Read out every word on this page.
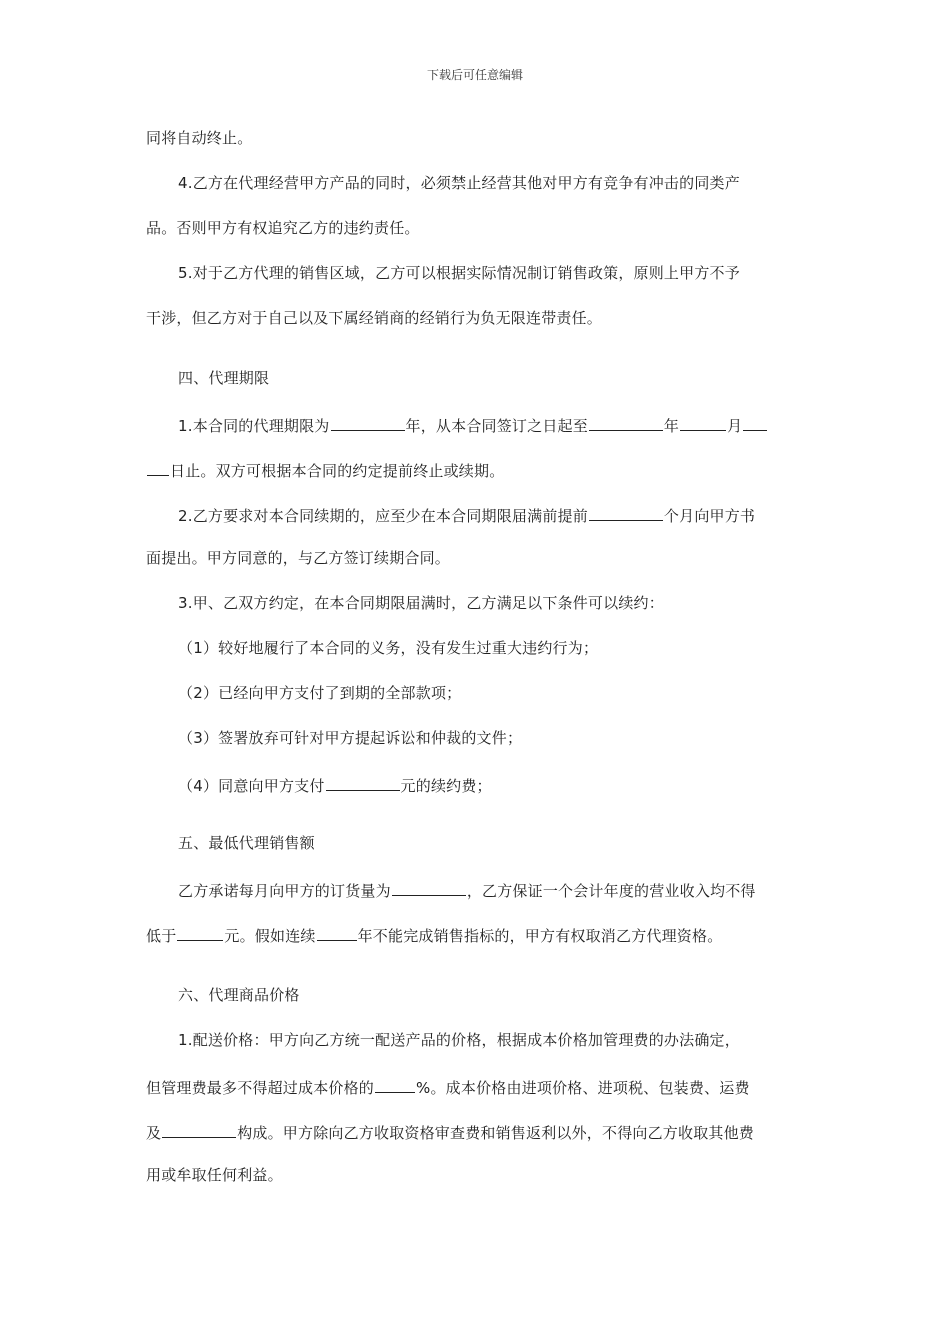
下载后可任意编辑
同将自动终止。
4.乙方在代理经营甲方产品的同时，必须禁止经营其他对甲方有竞争有冲击的同类产
品。否则甲方有权追究乙方的违约责任。
5.对于乙方代理的销售区域，乙方可以根据实际情况制订销售政策，原则上甲方不予
干涉，但乙方对于自己以及下属经销商的经销行为负无限连带责任。
四、代理期限
1.本合同的代理期限为	年，从本合同签订之日起至	年	月
日止。双方可根据本合同的约定提前终止或续期。
2.乙方要求对本合同续期的，应至少在本合同期限届满前提前	个月向甲方书
面提出。甲方同意的，与乙方签订续期合同。
3.甲、乙双方约定，在本合同期限届满时，乙方满足以下条件可以续约：
（1）较好地履行了本合同的义务，没有发生过重大违约行为；
（2）已经向甲方支付了到期的全部款项；
（3）签署放弃可针对甲方提起诉讼和仲裁的文件；
（4）同意向甲方支付	元的续约费；
五、最低代理销售额
乙方承诺每月向甲方的订货量为	，乙方保证一个会计年度的营业收入均不得
低于	元。假如连续	年不能完成销售指标的，甲方有权取消乙方代理资格。
六、代理商品价格
1.配送价格：甲方向乙方统一配送产品的价格，根据成本价格加管理费的办法确定，
但管理费最多不得超过成本价格的	%。成本价格由进项价格、进项税、包装费、运费
及	构成。甲方除向乙方收取资格审查费和销售返利以外，不得向乙方收取其他费
用或牟取任何利益。
